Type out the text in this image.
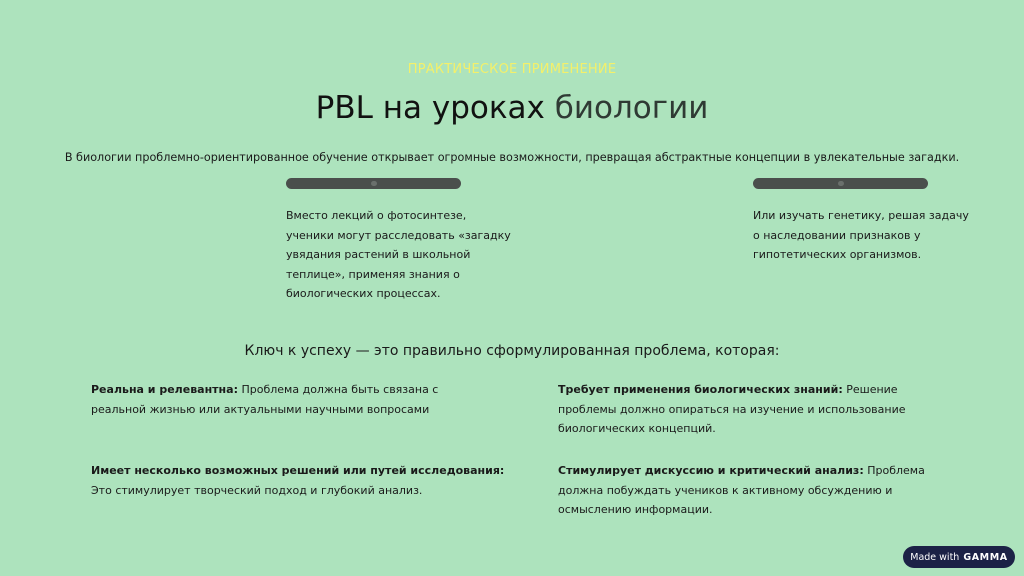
ПРАКТИЧЕСКОЕ ПРИМЕНЕНИЕ
PBL на уроках биологии
В биологии проблемно-ориентированное обучение открывает огромные возможности, превращая абстрактные концепции в увлекательные загадки.
Вместо лекций о фотосинтезе, ученики могут расследовать «загадку увядания растений в школьной теплице», применяя знания о биологических процессах.
Или изучать генетику, решая задачу о наследовании признаков у гипотетических организмов.
Ключ к успеху — это правильно сформулированная проблема, которая:
Реальна и релевантна: Проблема должна быть связана с реальной жизнью или актуальными научными вопросами
Требует применения биологических знаний: Решение проблемы должно опираться на изучение и использование биологических концепций.
Имеет несколько возможных решений или путей исследования: Это стимулирует творческий подход и глубокий анализ.
Стимулирует дискуссию и критический анализ: Проблема должна побуждать учеников к активному обсуждению и осмыслению информации.
Made with GAMMA
